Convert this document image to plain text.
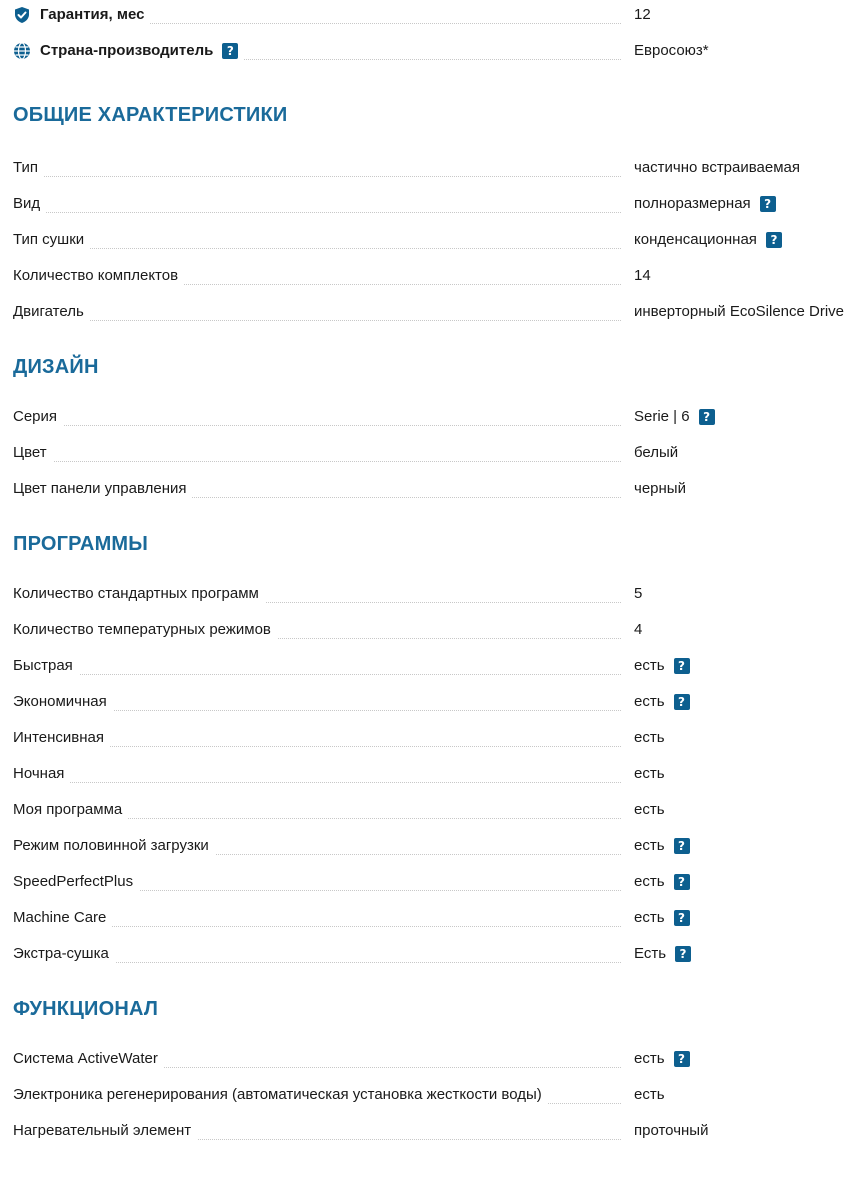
Гарантия, мес	12
Страна-производитель	?	Евросоюз*
ОБЩИЕ ХАРАКТЕРИСТИКИ
Тип	частично встраиваемая
Вид	полноразмерная	?
Тип сушки	конденсационная	?
Количество комплектов	14
Двигатель	инверторный EcoSilence Drive
ДИЗАЙН
Серия	Serie | 6	?
Цвет	белый
Цвет панели управления	черный
ПРОГРАММЫ
Количество стандартных программ	5
Количество температурных режимов	4
Быстрая	есть	?
Экономичная	есть	?
Интенсивная	есть
Ночная	есть
Моя программа	есть
Режим половинной загрузки	есть	?
SpeedPerfectPlus	есть	?
Machine Care	есть	?
Экстра-сушка	Есть	?
ФУНКЦИОНАЛ
Система ActiveWater	есть	?
Электроника регенерирования (автоматическая установка жесткости воды)	есть
Нагревательный элемент	проточный
